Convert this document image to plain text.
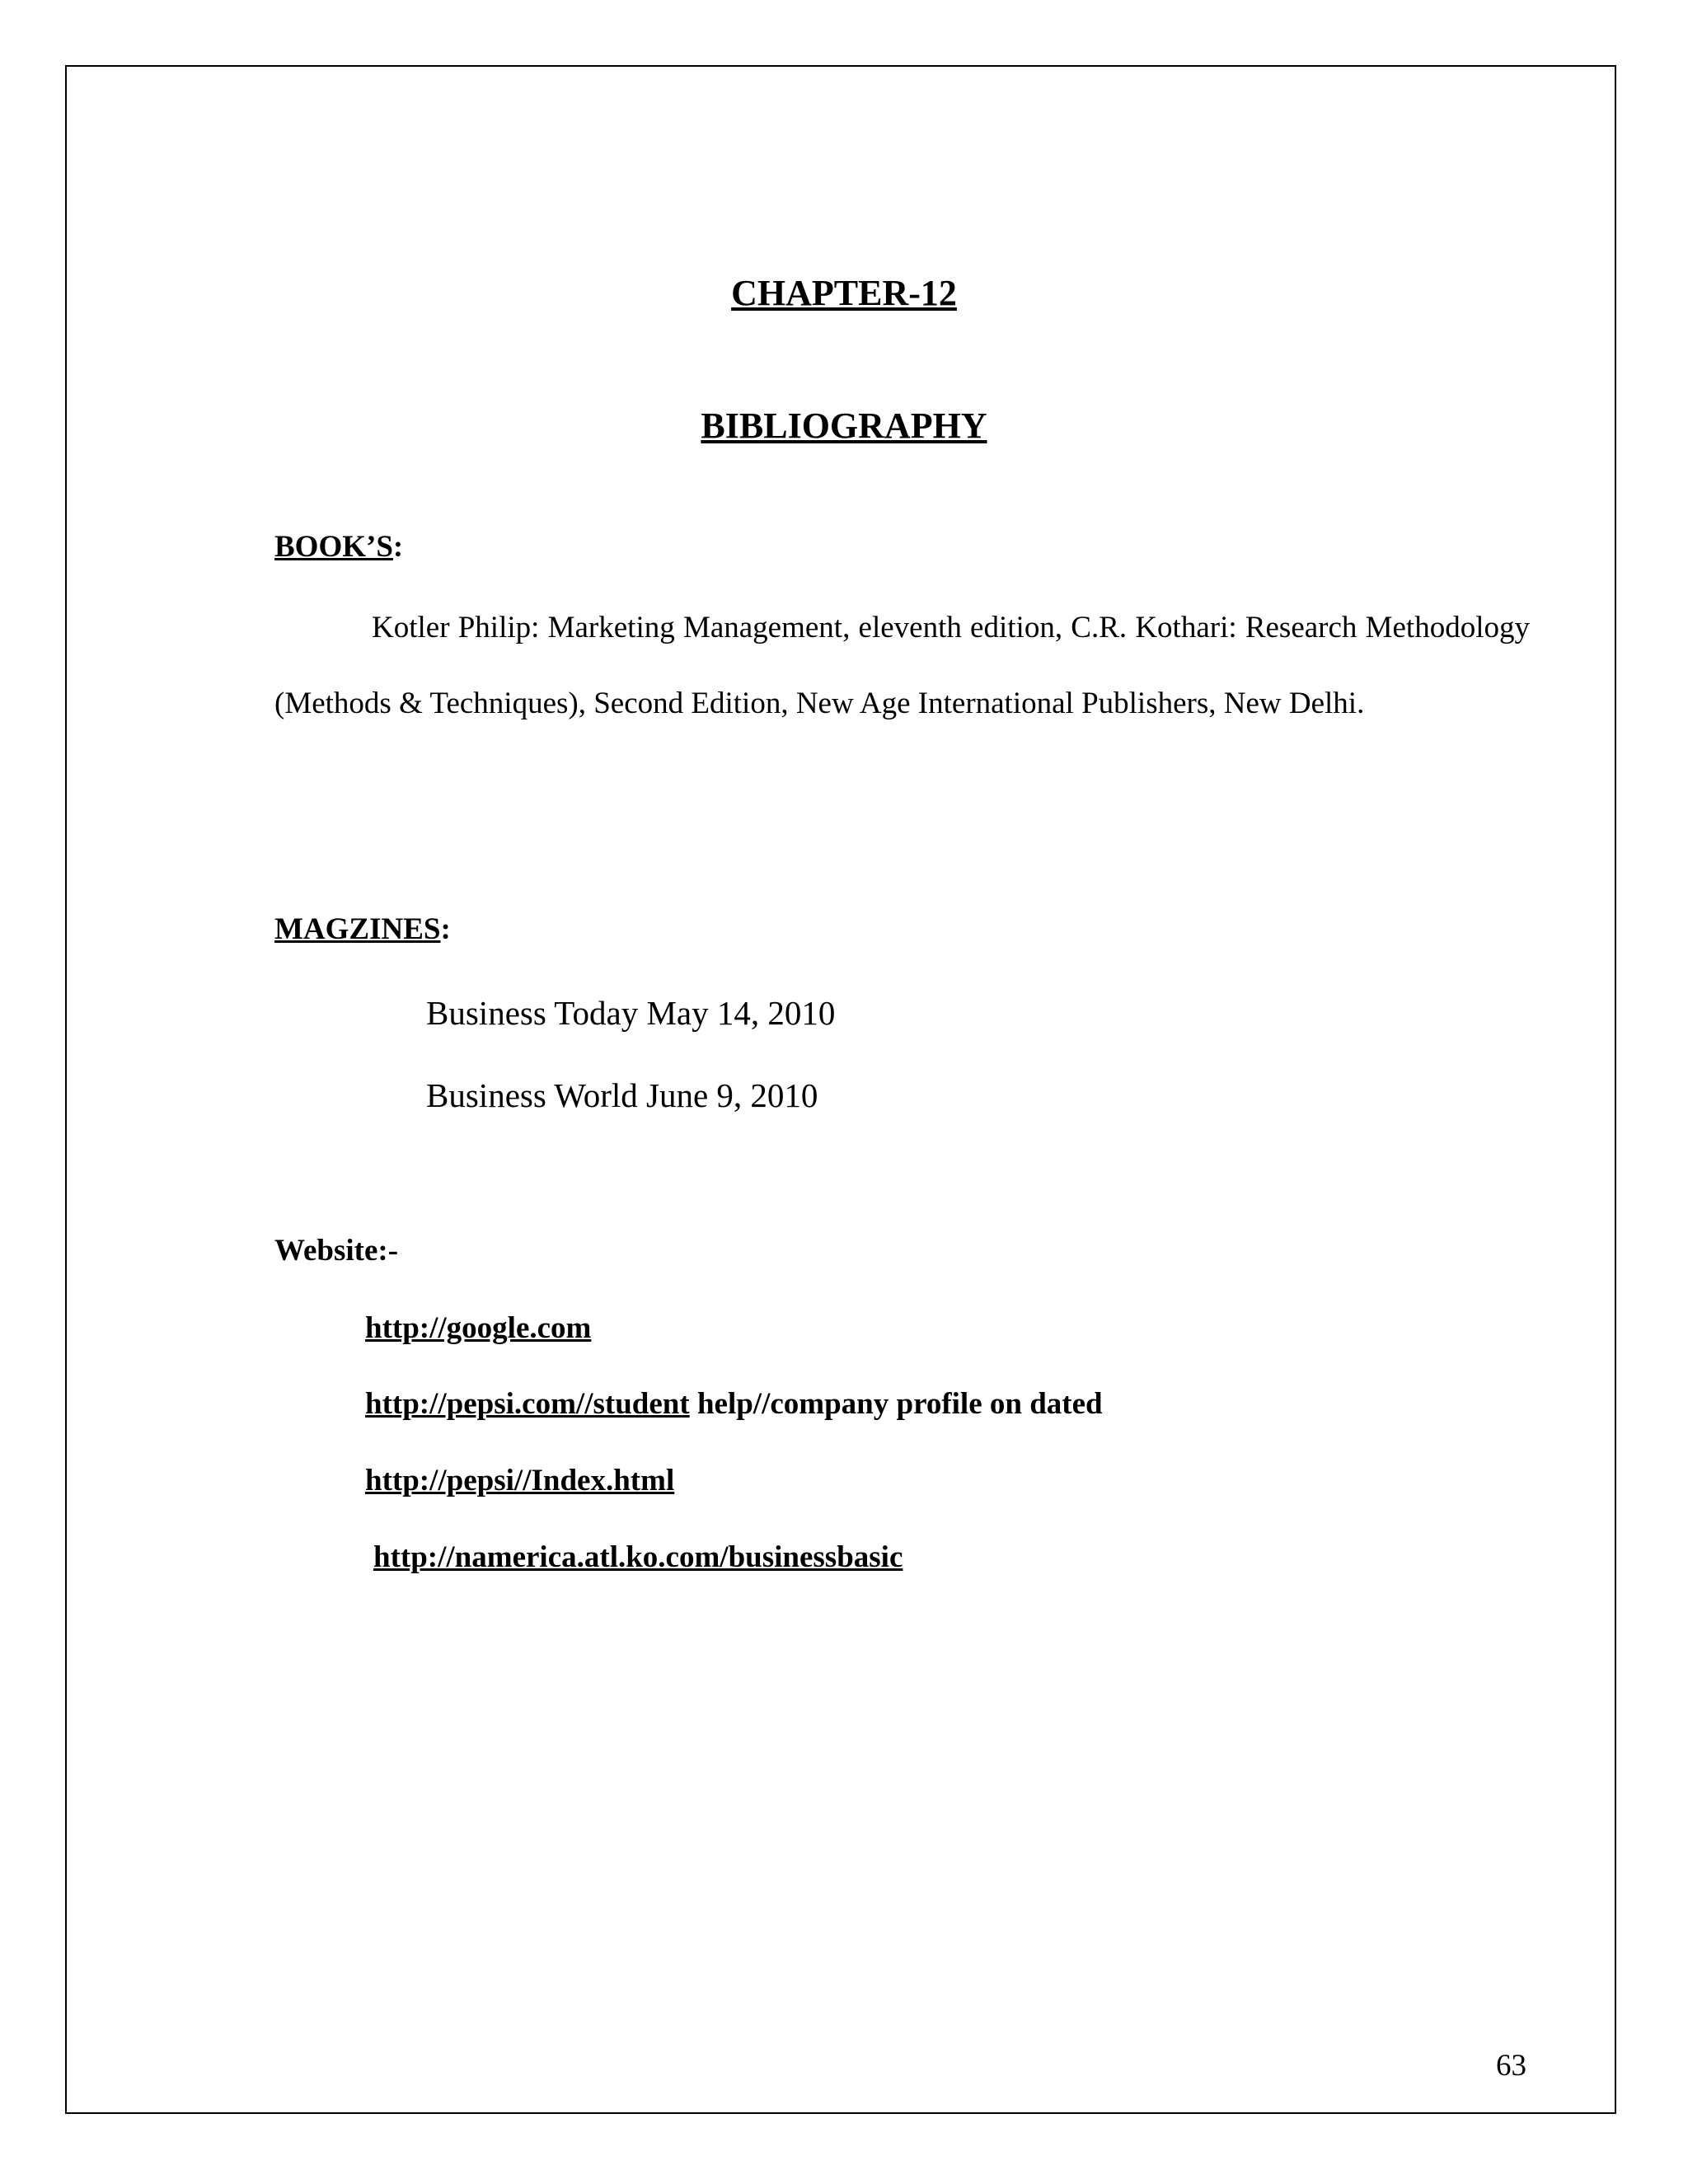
CHAPTER-12
BIBLIOGRAPHY
BOOK’S:

Kotler Philip: Marketing Management, eleventh edition, C.R. Kothari: Research Methodology (Methods & Techniques), Second Edition, New Age International Publishers, New Delhi.

MAGZINES:
Business Today May 14, 2010
Business World June 9, 2010
Website:-
http://google.com
http://pepsi.com//student help//company profile on dated
http://pepsi//Index.html
http://namerica.atl.ko.com/businessbasic
63
